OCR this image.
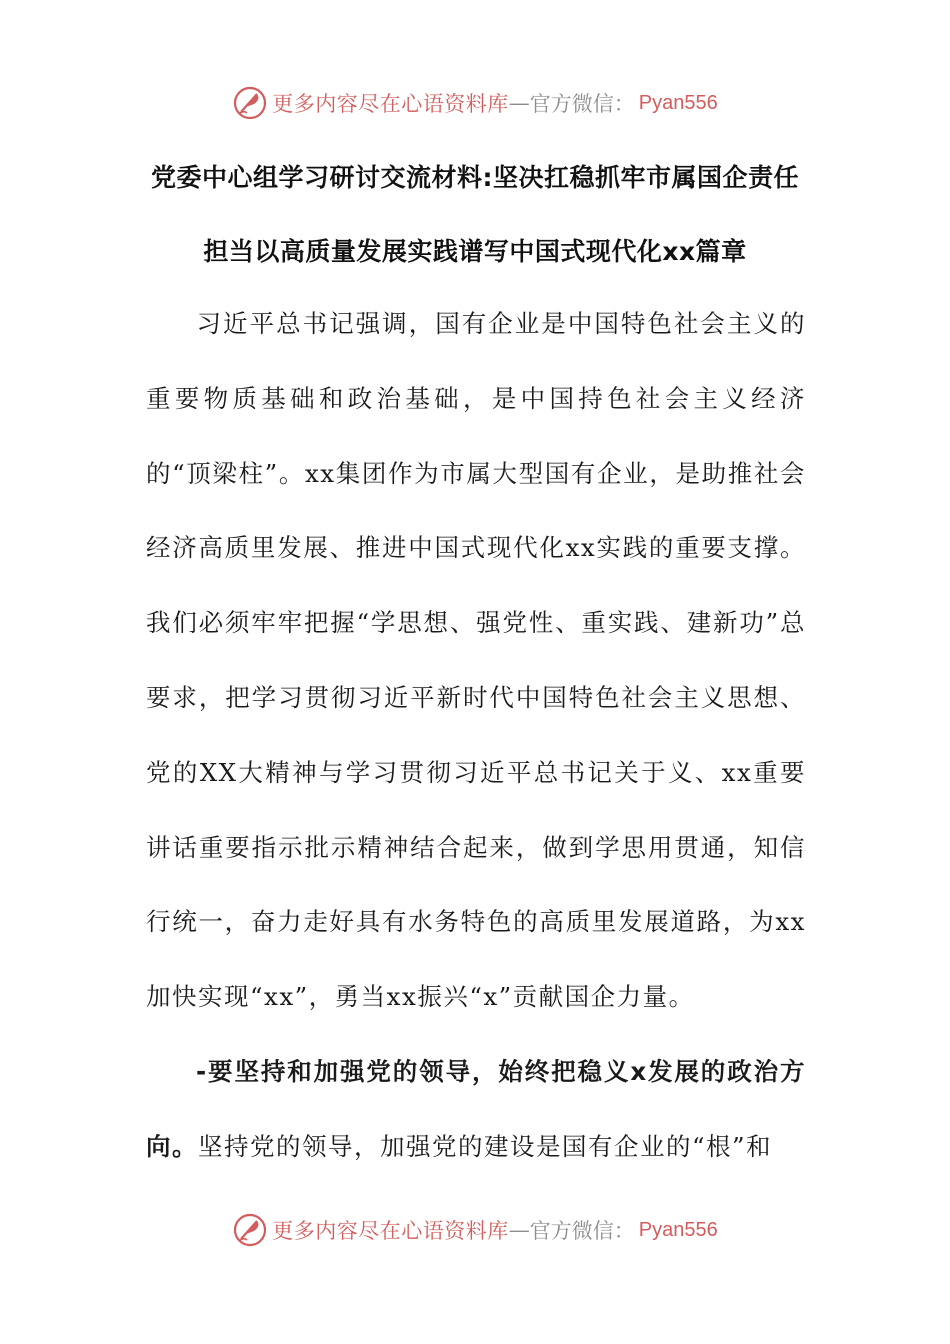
更多内容尽在心语资料库 — 官方微信： Pyan556
党委中心组学习研讨交流材料:坚决扛稳抓牢市属国企责任
担当以高质量发展实践谱写中国式现代化xx篇章

习近平总书记强调，国有企业是中国特色社会主义的重要物质基础和政治基础，是中国持色社会主义经济的“顶梁柱”。xx集团作为市属大型国有企业，是助推社会经济高质里发展、推进中国式现代化xx实践的重要支撑。我们必须牢牢把握“学思想、强党性、重实践、建新功”总要求，把学习贯彻习近平新时代中国特色社会主义思想、党的XX大精神与学习贯彻习近平总书记关于义、xx重要讲话重要指示批示精神结合起来，做到学思用贯通，知信行统一，奋力走好具有水务特色的高质里发展道路，为xx加快实现“xx”，勇当xx振兴“x”贡献国企力量。
-要坚持和加强党的领导，始终把稳义x发展的政治方向。坚持党的领导，加强党的建设是国有企业的“根”和

更多内容尽在心语资料库 — 官方微信： Pyan556
